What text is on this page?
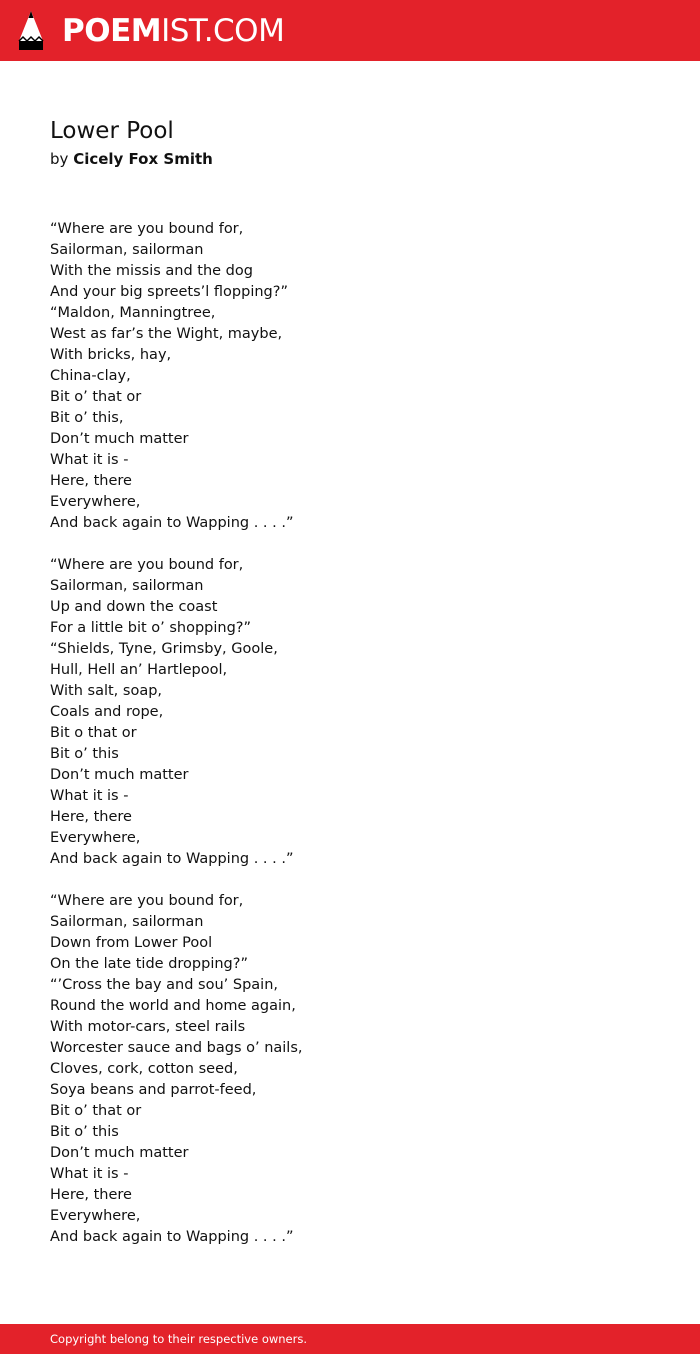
POEMIST.COM
Lower Pool
by Cicely Fox Smith
“Where are you bound for,
Sailorman, sailorman
With the missis and the dog
And your big spreets’l flopping?”
“Maldon, Manningtree,
West as far’s the Wight, maybe,
With bricks, hay,
China-clay,
Bit o’ that or
Bit o’ this,
Don’t much matter
What it is -
Here, there
Everywhere,
And back again to Wapping . . . .”
“Where are you bound for,
Sailorman, sailorman
Up and down the coast
For a little bit o’ shopping?”
“Shields, Tyne, Grimsby, Goole,
Hull, Hell an’ Hartlepool,
With salt, soap,
Coals and rope,
Bit o that or
Bit o’ this
Don’t much matter
What it is -
Here, there
Everywhere,
And back again to Wapping . . . .”
“Where are you bound for,
Sailorman, sailorman
Down from Lower Pool
On the late tide dropping?”
“’Cross the bay and sou’ Spain,
Round the world and home again,
With motor-cars, steel rails
Worcester sauce and bags o’ nails,
Cloves, cork, cotton seed,
Soya beans and parrot-feed,
Bit o’ that or
Bit o’ this
Don’t much matter
What it is -
Here, there
Everywhere,
And back again to Wapping . . . .”
Copyright belong to their respective owners.
